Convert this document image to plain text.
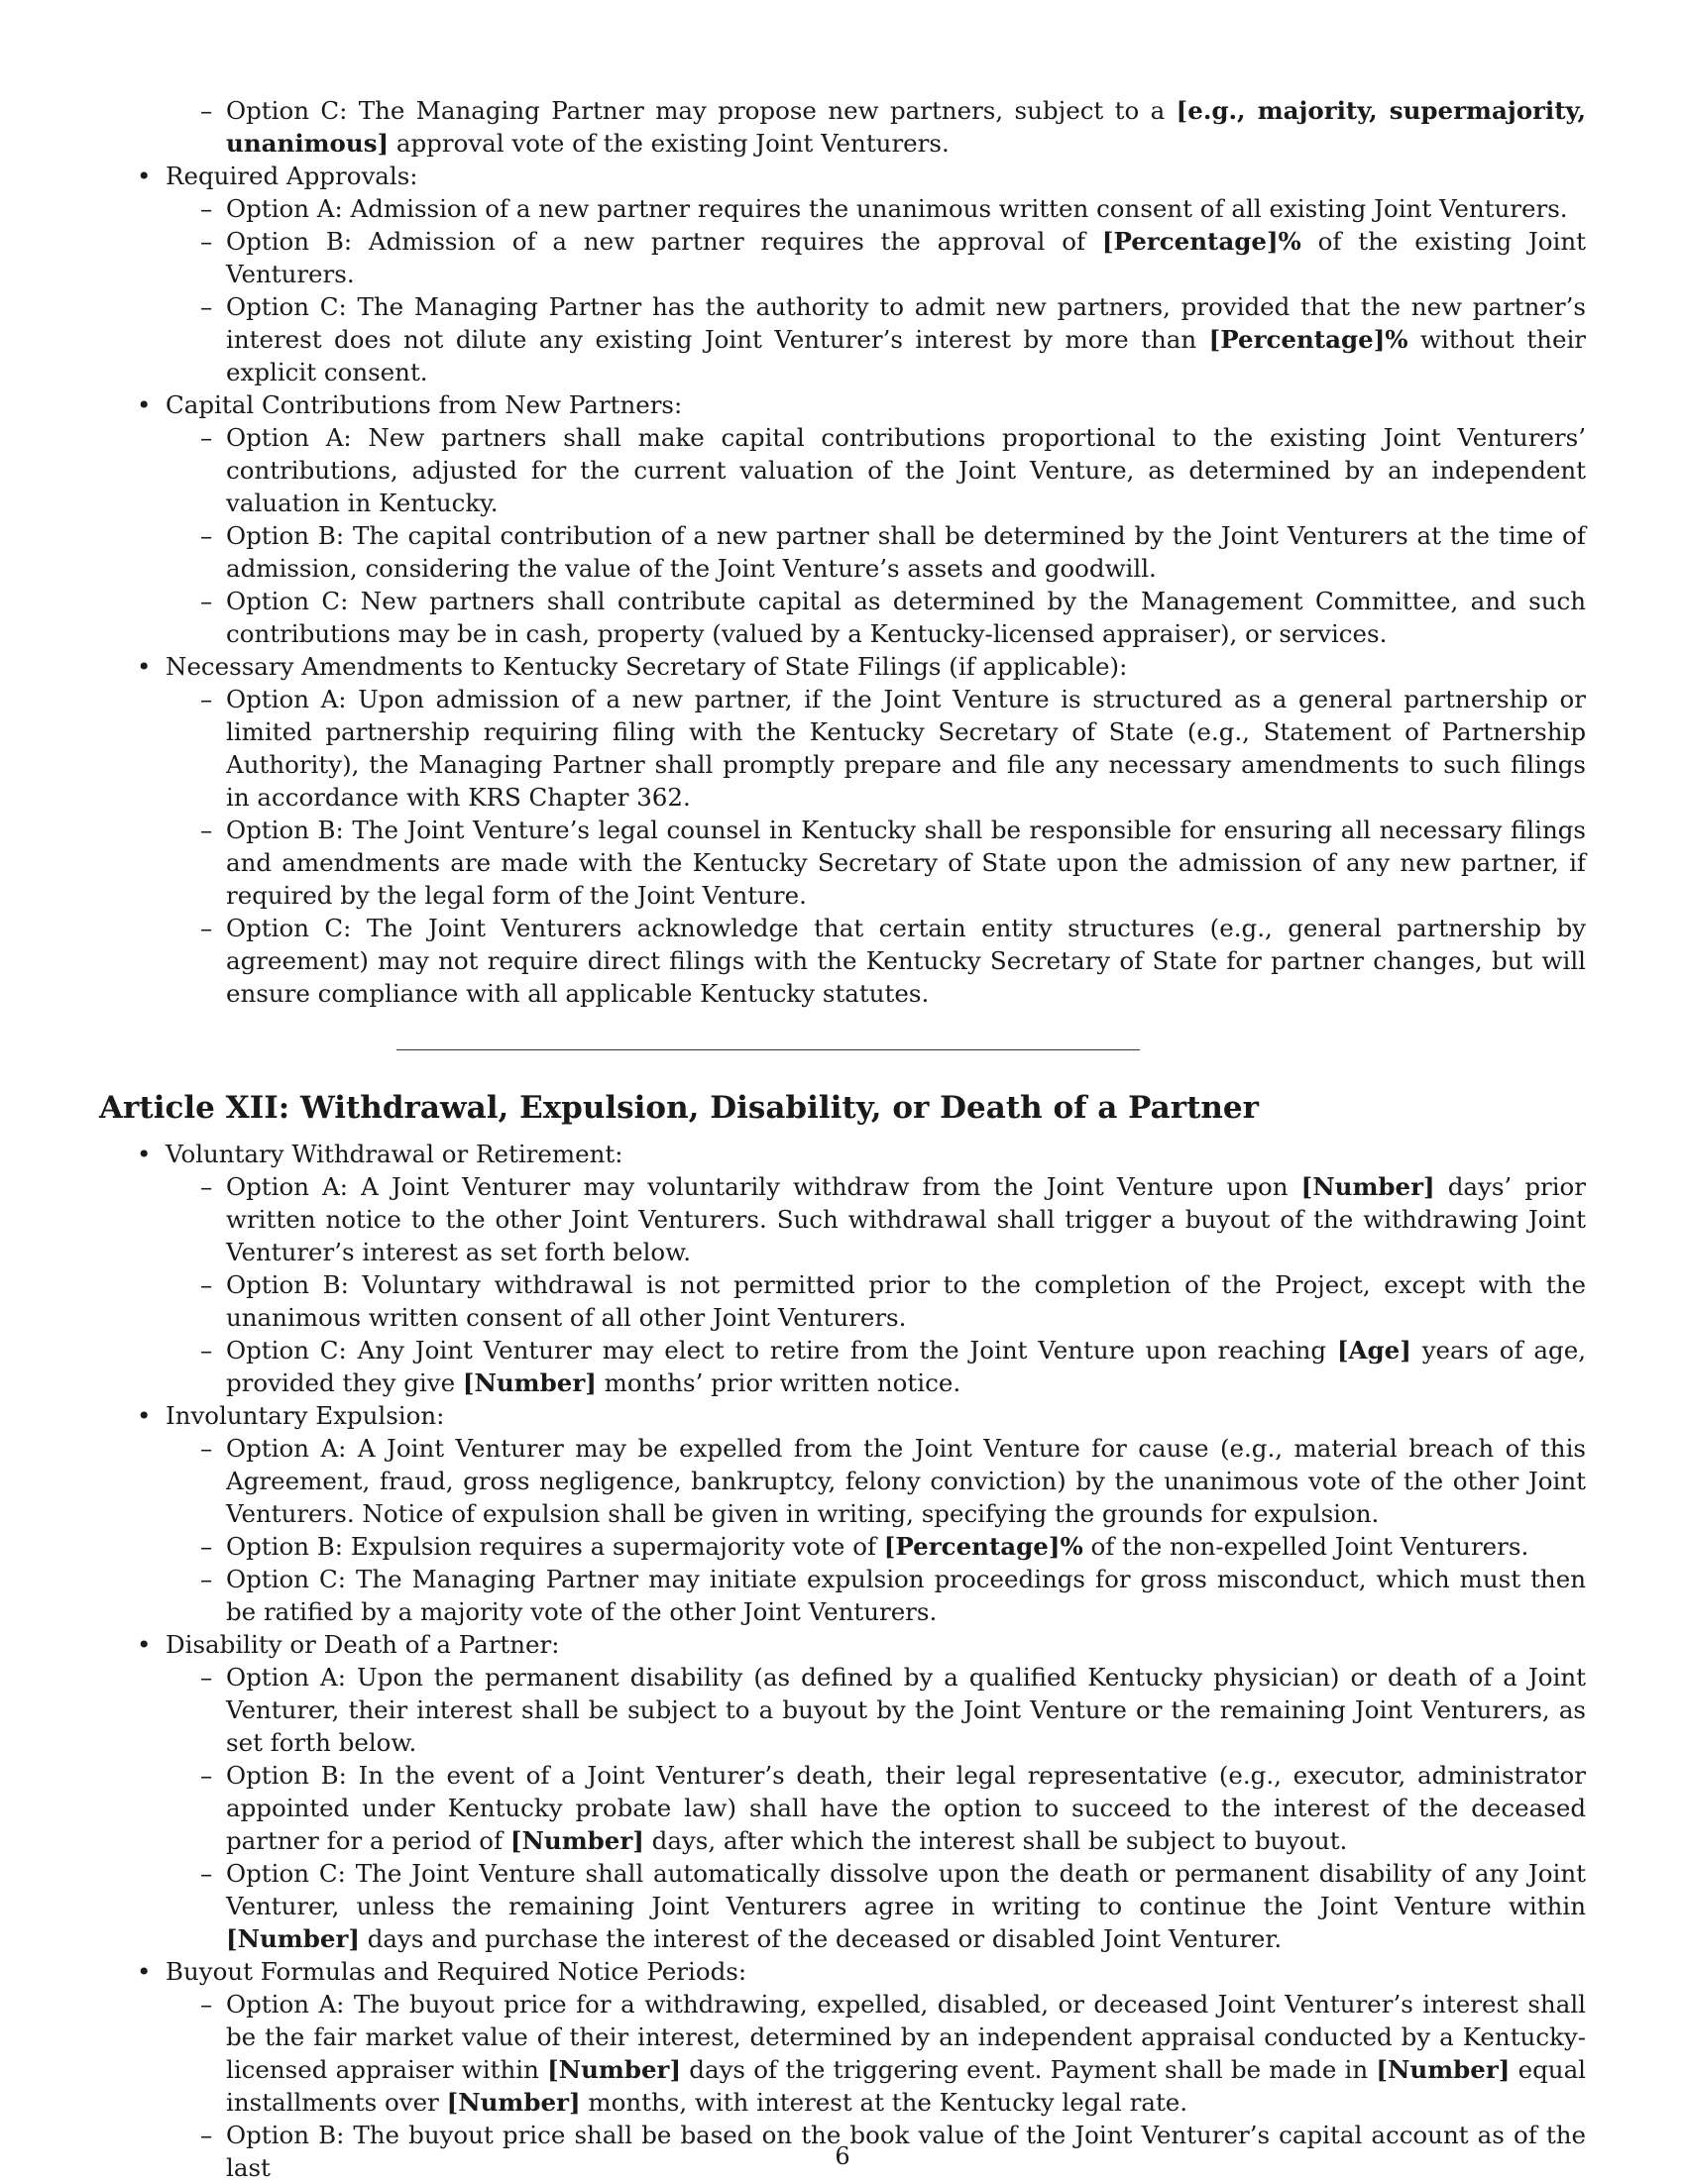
– Option C: The Managing Partner may propose new partners, subject to a [e.g., majority, supermajority, unanimous] approval vote of the existing Joint Venturers.
• Required Approvals:
– Option A: Admission of a new partner requires the unanimous written consent of all existing Joint Venturers.
– Option B: Admission of a new partner requires the approval of [Percentage]% of the existing Joint Venturers.
– Option C: The Managing Partner has the authority to admit new partners, provided that the new partner’s interest does not dilute any existing Joint Venturer’s interest by more than [Percentage]% without their explicit consent.
• Capital Contributions from New Partners:
– Option A: New partners shall make capital contributions proportional to the existing Joint Venturers’ contributions, adjusted for the current valuation of the Joint Venture, as determined by an independent valuation in Kentucky.
– Option B: The capital contribution of a new partner shall be determined by the Joint Venturers at the time of admission, considering the value of the Joint Venture’s assets and goodwill.
– Option C: New partners shall contribute capital as determined by the Management Committee, and such contributions may be in cash, property (valued by a Kentucky-licensed appraiser), or services.
• Necessary Amendments to Kentucky Secretary of State Filings (if applicable):
– Option A: Upon admission of a new partner, if the Joint Venture is structured as a general partnership or limited partnership requiring filing with the Kentucky Secretary of State (e.g., Statement of Partnership Authority), the Managing Partner shall promptly prepare and file any necessary amendments to such filings in accordance with KRS Chapter 362.
– Option B: The Joint Venture’s legal counsel in Kentucky shall be responsible for ensuring all necessary filings and amendments are made with the Kentucky Secretary of State upon the admission of any new partner, if required by the legal form of the Joint Venture.
– Option C: The Joint Venturers acknowledge that certain entity structures (e.g., general partnership by agreement) may not require direct filings with the Kentucky Secretary of State for partner changes, but will ensure compliance with all applicable Kentucky statutes.
Article XII: Withdrawal, Expulsion, Disability, or Death of a Partner
• Voluntary Withdrawal or Retirement:
– Option A: A Joint Venturer may voluntarily withdraw from the Joint Venture upon [Number] days’ prior written notice to the other Joint Venturers. Such withdrawal shall trigger a buyout of the withdrawing Joint Venturer’s interest as set forth below.
– Option B: Voluntary withdrawal is not permitted prior to the completion of the Project, except with the unanimous written consent of all other Joint Venturers.
– Option C: Any Joint Venturer may elect to retire from the Joint Venture upon reaching [Age] years of age, provided they give [Number] months’ prior written notice.
• Involuntary Expulsion:
– Option A: A Joint Venturer may be expelled from the Joint Venture for cause (e.g., material breach of this Agreement, fraud, gross negligence, bankruptcy, felony conviction) by the unanimous vote of the other Joint Venturers. Notice of expulsion shall be given in writing, specifying the grounds for expulsion.
– Option B: Expulsion requires a supermajority vote of [Percentage]% of the non-expelled Joint Venturers.
– Option C: The Managing Partner may initiate expulsion proceedings for gross misconduct, which must then be ratified by a majority vote of the other Joint Venturers.
• Disability or Death of a Partner:
– Option A: Upon the permanent disability (as defined by a qualified Kentucky physician) or death of a Joint Venturer, their interest shall be subject to a buyout by the Joint Venture or the remaining Joint Venturers, as set forth below.
– Option B: In the event of a Joint Venturer’s death, their legal representative (e.g., executor, administrator appointed under Kentucky probate law) shall have the option to succeed to the interest of the deceased partner for a period of [Number] days, after which the interest shall be subject to buyout.
– Option C: The Joint Venture shall automatically dissolve upon the death or permanent disability of any Joint Venturer, unless the remaining Joint Venturers agree in writing to continue the Joint Venture within [Number] days and purchase the interest of the deceased or disabled Joint Venturer.
• Buyout Formulas and Required Notice Periods:
– Option A: The buyout price for a withdrawing, expelled, disabled, or deceased Joint Venturer’s interest shall be the fair market value of their interest, determined by an independent appraisal conducted by a Kentucky-licensed appraiser within [Number] days of the triggering event. Payment shall be made in [Number] equal installments over [Number] months, with interest at the Kentucky legal rate.
– Option B: The buyout price shall be based on the book value of the Joint Venturer’s capital account as of the last	6
